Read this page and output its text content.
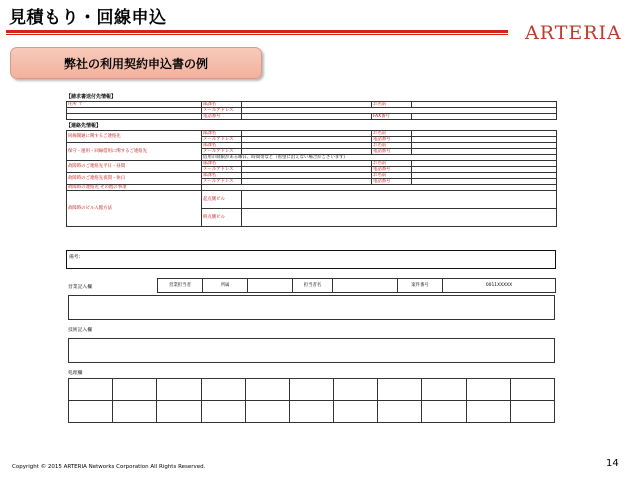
見積もり・回線申込
ARTERIA
弊社の利用契約申込書の例
【請求書送付先情報】
住所 〒	部課名		お名前	
	メールアドレス			
	電話番号		FAX番号	
【連絡先情報】
回線開通に関するご連絡先	部課名		お名前	
	メールアドレス		電話番号	
保守・運用・回線借用に関するご連絡先	部課名		お名前	
	メールアドレス		電話番号	
	借用の制限がある曜日、時間帯など（希望に沿えない場合がございます）			
故障時のご連絡先平日・昼間	部課名		お名前	
	メールアドレス		電話番号	
故障時のご連絡先夜間・休日	部課名		お名前	
	メールアドレス		電話番号	
故障時の連絡先 その他の事項				
故障時のビル入館方法	起点側ビル			
	終点側ビル			
備考:
営業記入欄	営業担当者	所属		担当者名		案件番号	0011XXXXX
技術記入欄
処理欄

Copyright © 2015 ARTERIA Networks Corporation All Rights Reserved.	14
